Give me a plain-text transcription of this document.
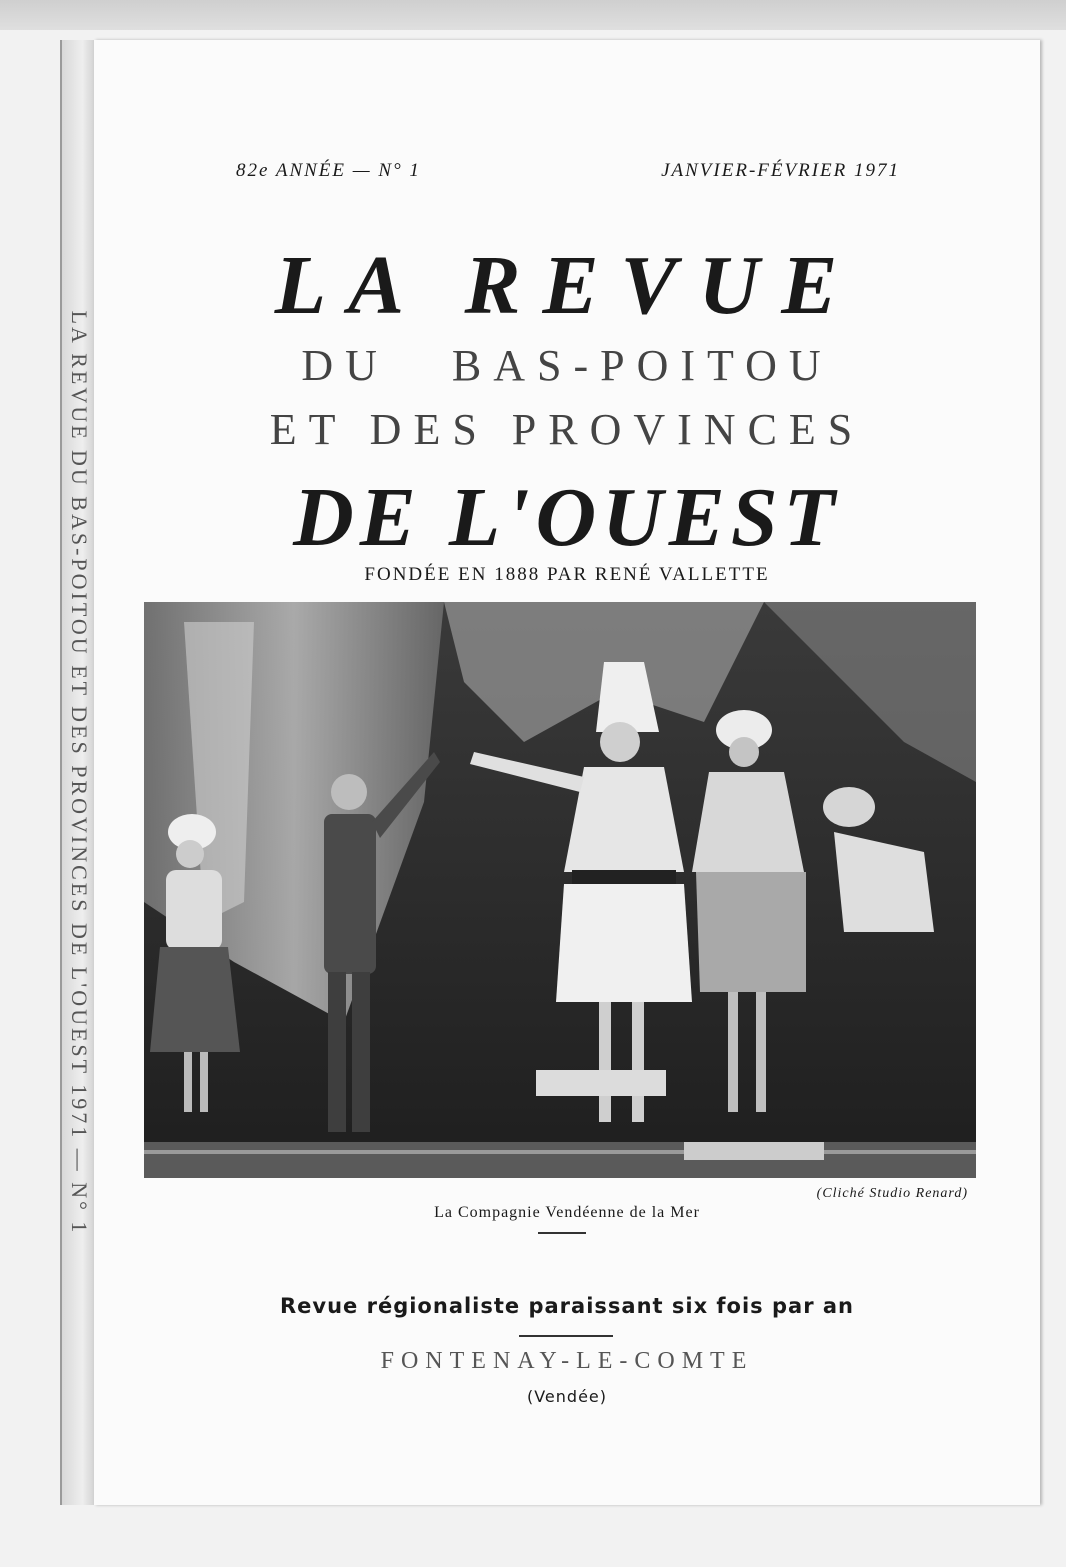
LA REVUE DU BAS-POITOU ET DES PROVINCES DE L'OUEST 1971 — N° 1
82e ANNÉE — N° 1	JANVIER-FÉVRIER 1971
LA REVUE
DU BAS-POITOU
ET DES PROVINCES
DE L'OUEST
FONDÉE EN 1888 PAR RENÉ VALLETTE
(Cliché Studio Renard)
La Compagnie Vendéenne de la Mer
Revue régionaliste paraissant six fois par an
FONTENAY-LE-COMTE
(Vendée)
